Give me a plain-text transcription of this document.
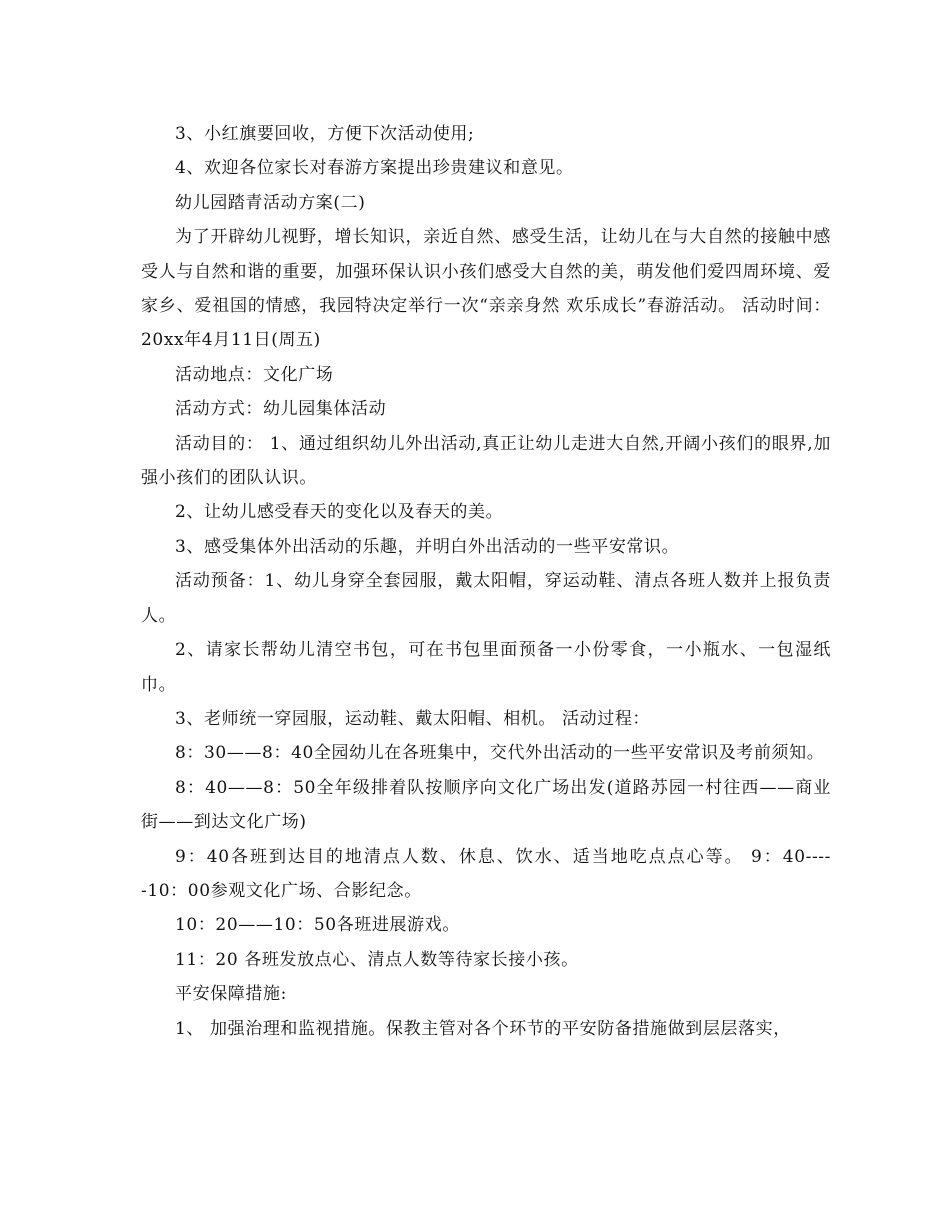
3、小红旗要回收，方便下次活动使用;

4、欢迎各位家长对春游方案提出珍贵建议和意见。

幼儿园踏青活动方案(二)

为了开辟幼儿视野，增长知识，亲近自然、感受生活，让幼儿在与大自然的接触中感受人与自然和谐的重要，加强环保认识小孩们感受大自然的美，萌发他们爱四周环境、爱家乡、爱祖国的情感，我园特决定举行一次“亲亲身然 欢乐成长”春游活动。 活动时间：20xx年4月11日(周五)

活动地点：文化广场

活动方式：幼儿园集体活动

活动目的： 1、通过组织幼儿外出活动,真正让幼儿走进大自然,开阔小孩们的眼界,加强小孩们的团队认识。

2、让幼儿感受春天的变化以及春天的美。

3、感受集体外出活动的乐趣，并明白外出活动的一些平安常识。

活动预备：1、幼儿身穿全套园服，戴太阳帽，穿运动鞋、清点各班人数并上报负责人。

2、请家长帮幼儿清空书包，可在书包里面预备一小份零食，一小瓶水、一包湿纸巾。

3、老师统一穿园服，运动鞋、戴太阳帽、相机。 活动过程：

8：30——8：40全园幼儿在各班集中，交代外出活动的一些平安常识及考前须知。

8：40——8：50全年级排着队按顺序向文化广场出发(道路苏园一村往西——商业街——到达文化广场)

9：40各班到达目的地清点人数、休息、饮水、适当地吃点点心等。 9：40-----10：00参观文化广场、合影纪念。

10：20——10：50各班进展游戏。

11：20 各班发放点心、清点人数等待家长接小孩。

平安保障措施:

1、 加强治理和监视措施。保教主管对各个环节的平安防备措施做到层层落实，
